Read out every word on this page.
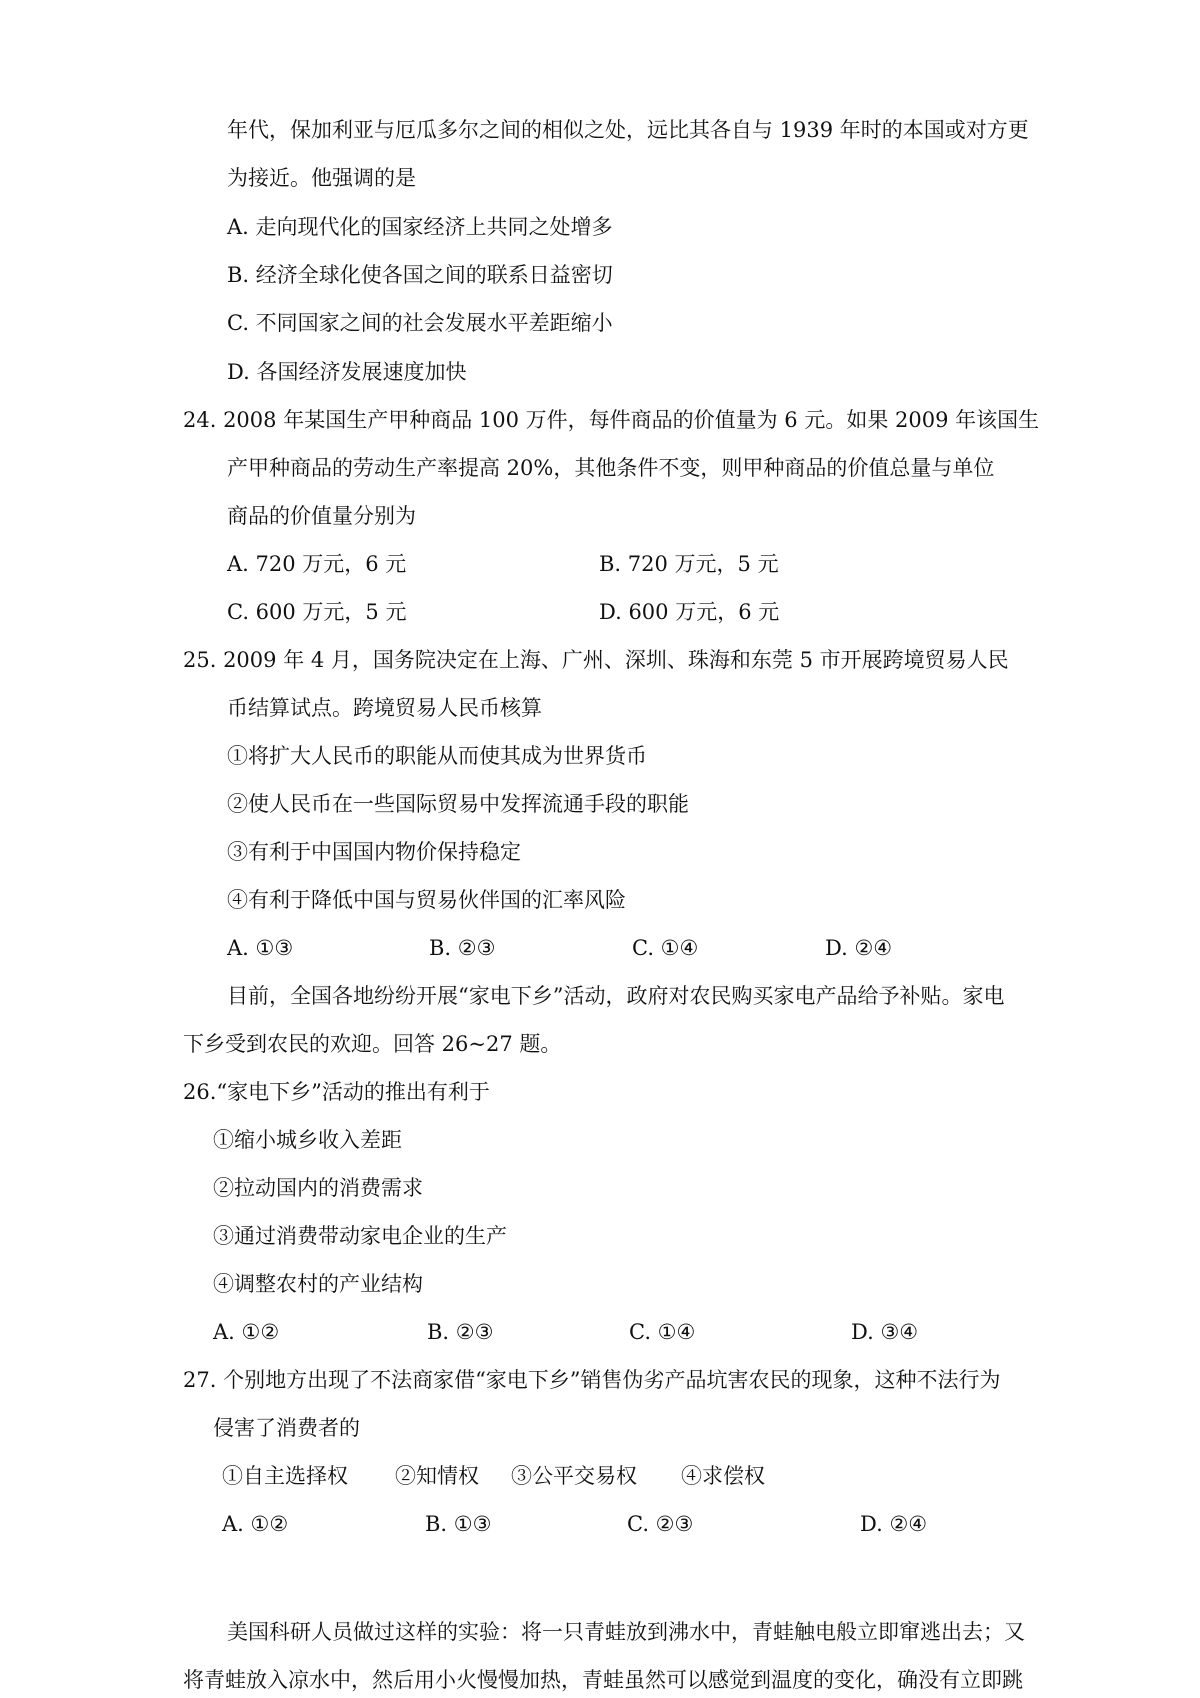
年代，保加利亚与厄瓜多尔之间的相似之处，远比其各自与 1939 年时的本国或对方更
为接近。他强调的是
A. 走向现代化的国家经济上共同之处增多
B. 经济全球化使各国之间的联系日益密切
C. 不同国家之间的社会发展水平差距缩小
D. 各国经济发展速度加快
24. 2008 年某国生产甲种商品 100 万件，每件商品的价值量为 6 元。如果 2009 年该国生
产甲种商品的劳动生产率提高 20%，其他条件不变，则甲种商品的价值总量与单位
商品的价值量分别为
A. 720 万元，6 元	B. 720 万元，5 元
C. 600 万元，5 元	D. 600 万元，6 元
25. 2009 年 4 月，国务院决定在上海、广州、深圳、珠海和东莞 5 市开展跨境贸易人民
币结算试点。跨境贸易人民币核算
①将扩大人民币的职能从而使其成为世界货币
②使人民币在一些国际贸易中发挥流通手段的职能
③有利于中国国内物价保持稳定
④有利于降低中国与贸易伙伴国的汇率风险
A. ①③	B. ②③	C. ①④	D. ②④
目前，全国各地纷纷开展“家电下乡”活动，政府对农民购买家电产品给予补贴。家电
下乡受到农民的欢迎。回答 26~27 题。
26.“家电下乡”活动的推出有利于
①缩小城乡收入差距
②拉动国内的消费需求
③通过消费带动家电企业的生产
④调整农村的产业结构
A. ①②	B. ②③	C. ①④	D. ③④
27. 个别地方出现了不法商家借“家电下乡”销售伪劣产品坑害农民的现象，这种不法行为
侵害了消费者的
①自主选择权 ②知情权 ③公平交易权 ④求偿权
A. ①②	B. ①③	C. ②③	D. ②④
美国科研人员做过这样的实验：将一只青蛙放到沸水中，青蛙触电般立即窜逃出去；又
将青蛙放入凉水中，然后用小火慢慢加热，青蛙虽然可以感觉到温度的变化，确没有立即跳
